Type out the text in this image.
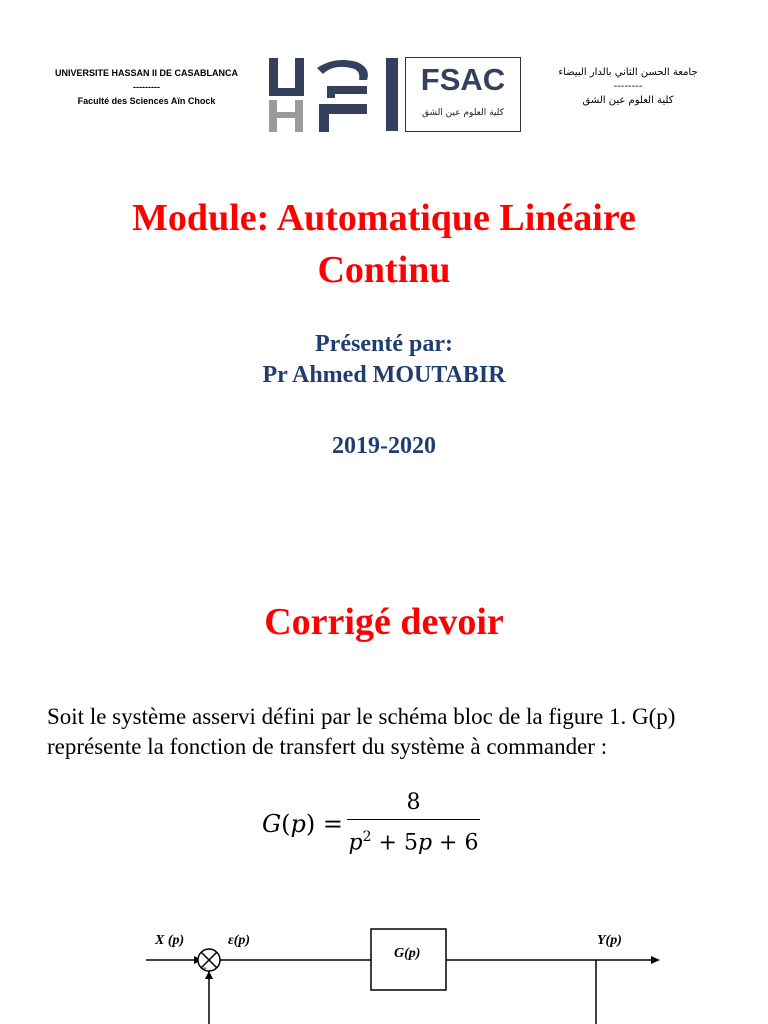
UNIVERSITE HASSAN II DE CASABLANCA
---------
Faculté des Sciences Aïn Chock
FSAC
كلية العلوم عين الشق
جامعة الحسن الثاني بالدار البيضاء
--------
كلية العلوم عين الشق
Module: Automatique Linéaire
Continu
Présenté par:
Pr Ahmed MOUTABIR
2019-2020
Corrigé devoir
Soit le système asservi défini par le schéma bloc de la figure 1. G(p) représente la fonction de transfert du système à commander :
G(p) =
8
$p^2 + 5p + 6$
-
X (p)	ε(p)
G(p)
Y(p)
